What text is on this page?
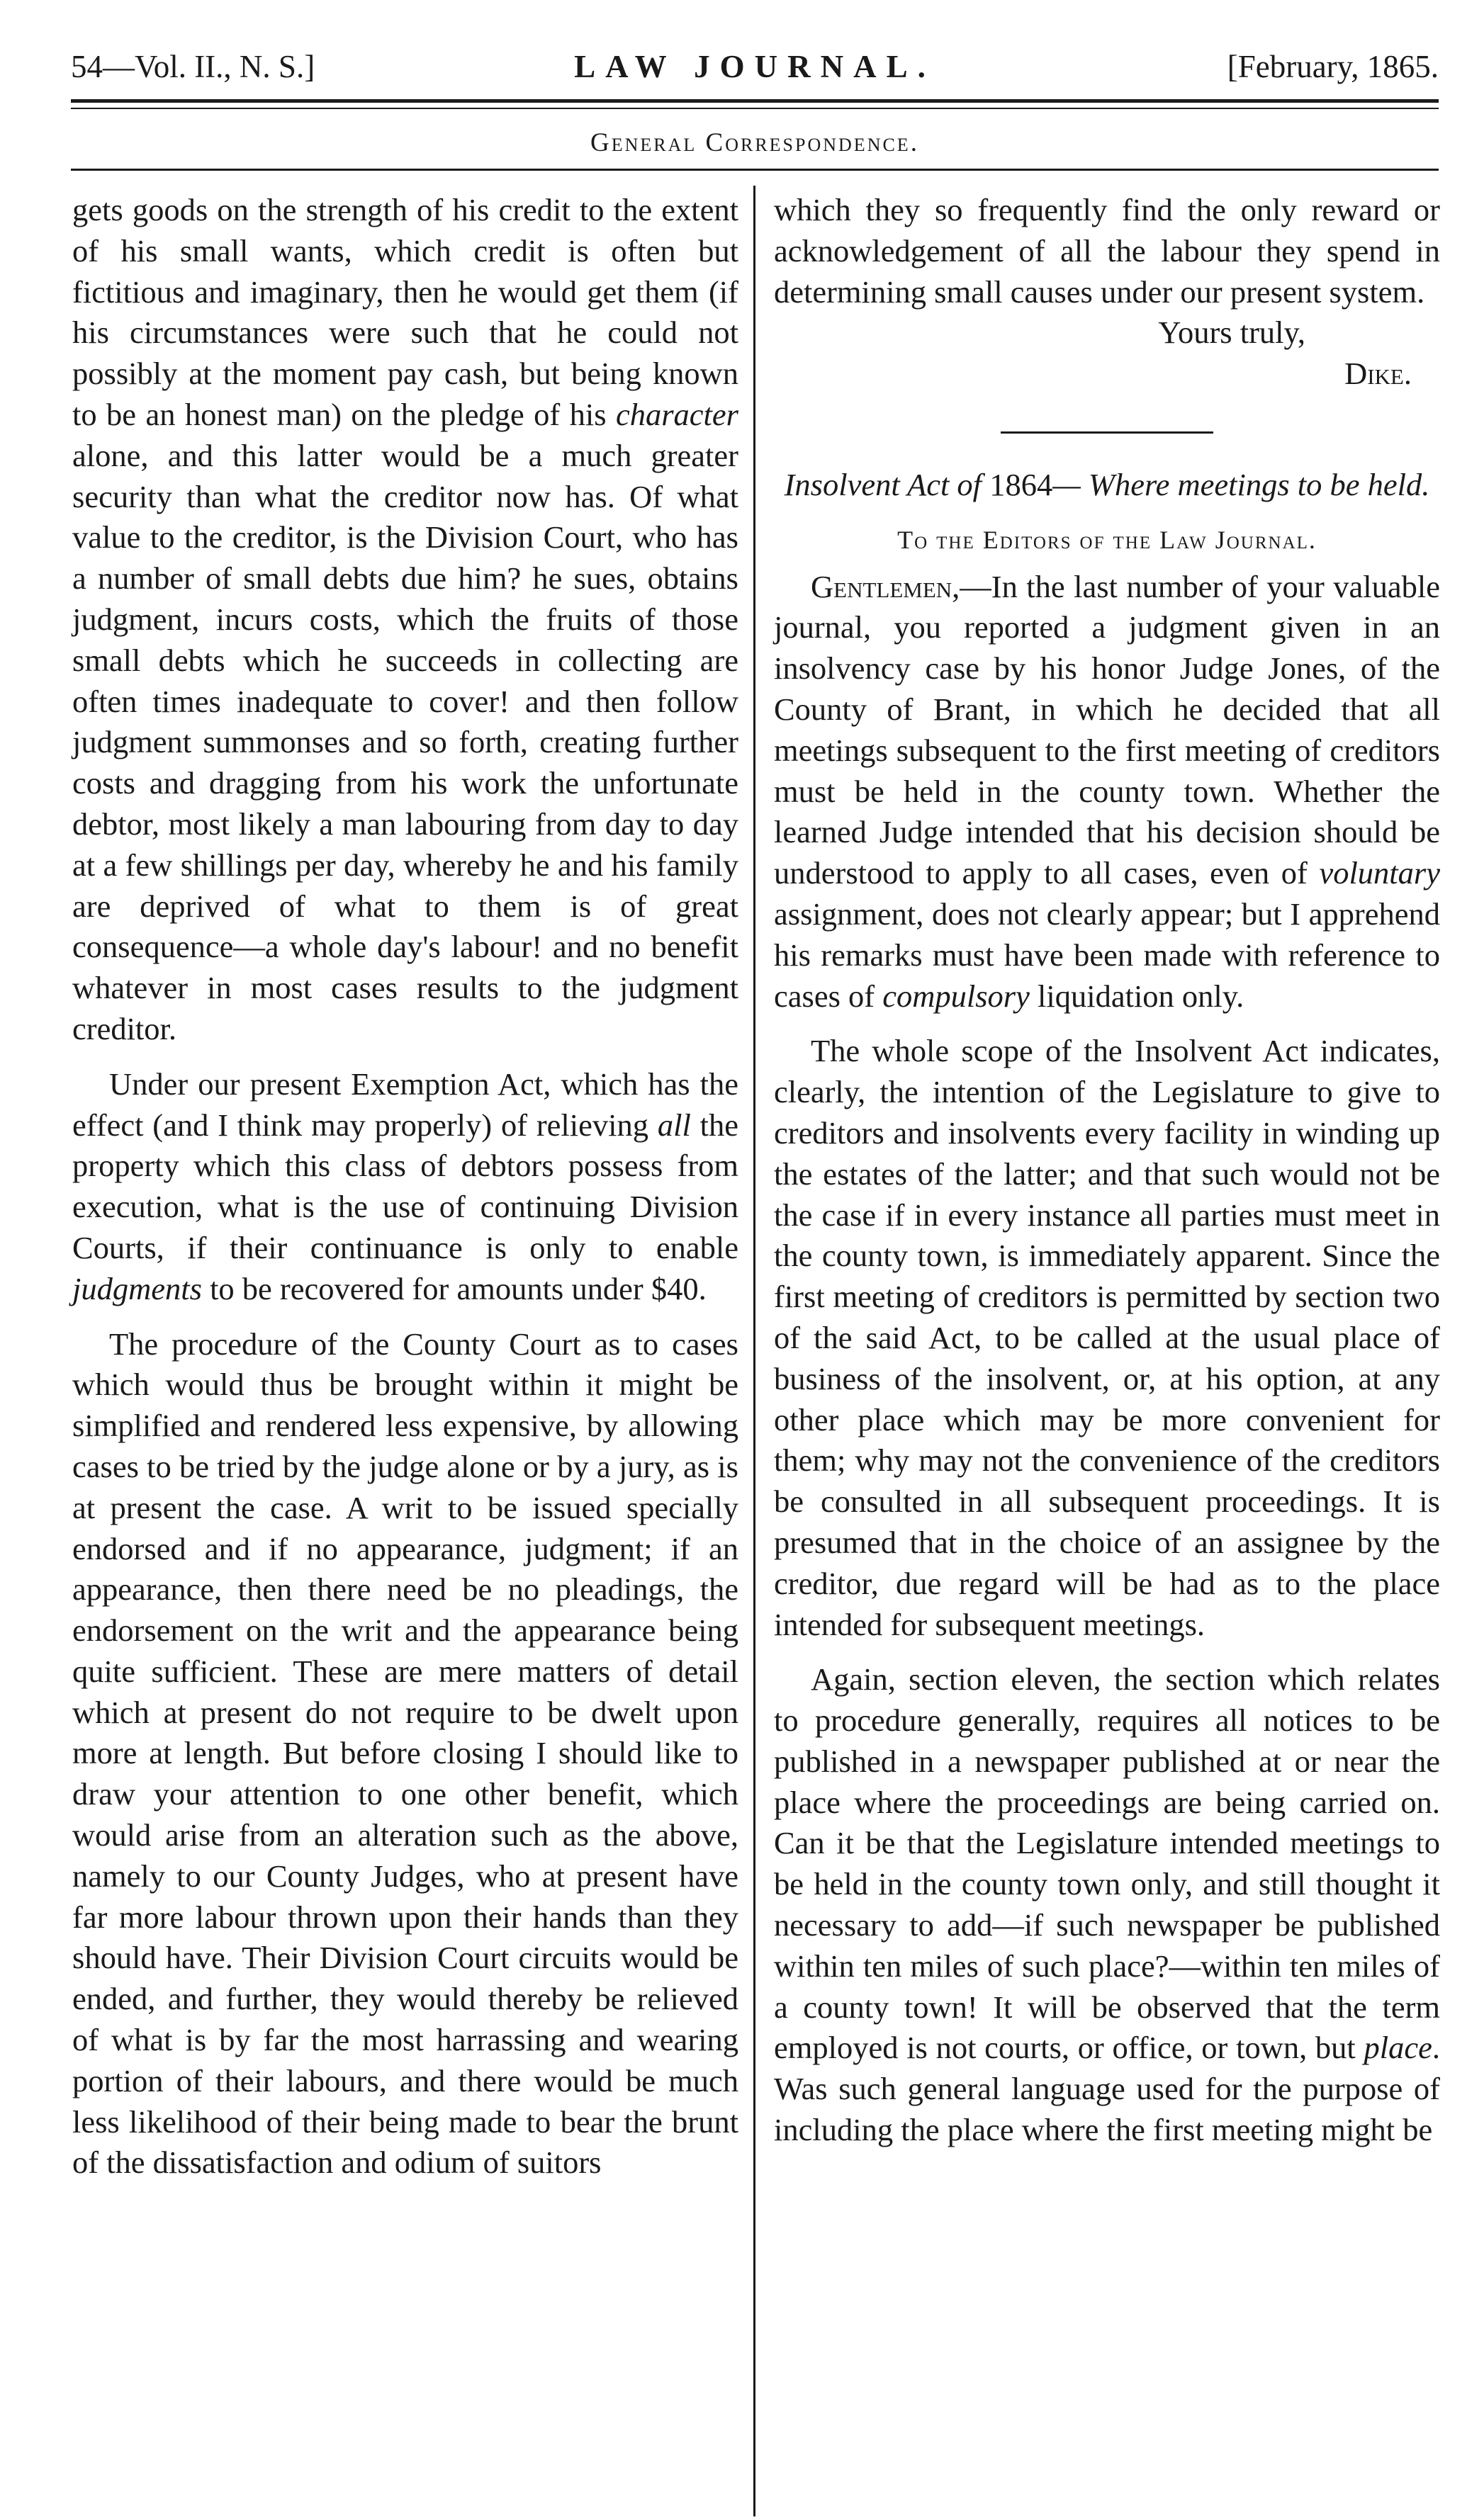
54—Vol. II., N. S.]	LAW JOURNAL.	[February, 1865.
General Correspondence.

gets goods on the strength of his credit to the extent of his small wants, which credit is often but fictitious and imaginary, then he would get them (if his circumstances were such that he could not possibly at the moment pay cash, but being known to be an honest man) on the pledge of his character alone, and this latter would be a much greater security than what the creditor now has. Of what value to the creditor, is the Division Court, who has a number of small debts due him? he sues, obtains judgment, incurs costs, which the fruits of those small debts which he succeeds in collecting are often times inadequate to cover! and then follow judgment summonses and so forth, creating further costs and dragging from his work the unfortunate debtor, most likely a man labouring from day to day at a few shillings per day, whereby he and his family are deprived of what to them is of great consequence—a whole day's labour! and no benefit whatever in most cases results to the judgment creditor.

Under our present Exemption Act, which has the effect (and I think may properly) of relieving all the property which this class of debtors possess from execution, what is the use of continuing Division Courts, if their continuance is only to enable judgments to be recovered for amounts under $40.

The procedure of the County Court as to cases which would thus be brought within it might be simplified and rendered less expensive, by allowing cases to be tried by the judge alone or by a jury, as is at present the case. A writ to be issued specially endorsed and if no appearance, judgment; if an appearance, then there need be no pleadings, the endorsement on the writ and the appearance being quite sufficient. These are mere matters of detail which at present do not require to be dwelt upon more at length. But before closing I should like to draw your attention to one other benefit, which would arise from an alteration such as the above, namely to our County Judges, who at present have far more labour thrown upon their hands than they should have. Their Division Court circuits would be ended, and further, they would thereby be relieved of what is by far the most harrassing and wearing portion of their labours, and there would be much less likelihood of their being made to bear the brunt of the dissatisfaction and odium of suitors

which they so frequently find the only reward or acknowledgement of all the labour they spend in determining small causes under our present system.

Yours truly,

Dike.

Insolvent Act of 1864— Where meetings to be held.

To the Editors of the Law Journal.

Gentlemen,—In the last number of your valuable journal, you reported a judgment given in an insolvency case by his honor Judge Jones, of the County of Brant, in which he decided that all meetings subsequent to the first meeting of creditors must be held in the county town. Whether the learned Judge intended that his decision should be understood to apply to all cases, even of voluntary assignment, does not clearly appear; but I apprehend his remarks must have been made with reference to cases of compulsory liquidation only.

The whole scope of the Insolvent Act indicates, clearly, the intention of the Legislature to give to creditors and insolvents every facility in winding up the estates of the latter; and that such would not be the case if in every instance all parties must meet in the county town, is immediately apparent. Since the first meeting of creditors is permitted by section two of the said Act, to be called at the usual place of business of the insolvent, or, at his option, at any other place which may be more convenient for them; why may not the convenience of the creditors be consulted in all subsequent proceedings. It is presumed that in the choice of an assignee by the creditor, due regard will be had as to the place intended for subsequent meetings.

Again, section eleven, the section which relates to procedure generally, requires all notices to be published in a newspaper published at or near the place where the proceedings are being carried on. Can it be that the Legislature intended meetings to be held in the county town only, and still thought it necessary to add—if such newspaper be published within ten miles of such place?—within ten miles of a county town! It will be observed that the term employed is not courts, or office, or town, but place. Was such general language used for the purpose of including the place where the first meeting might be
